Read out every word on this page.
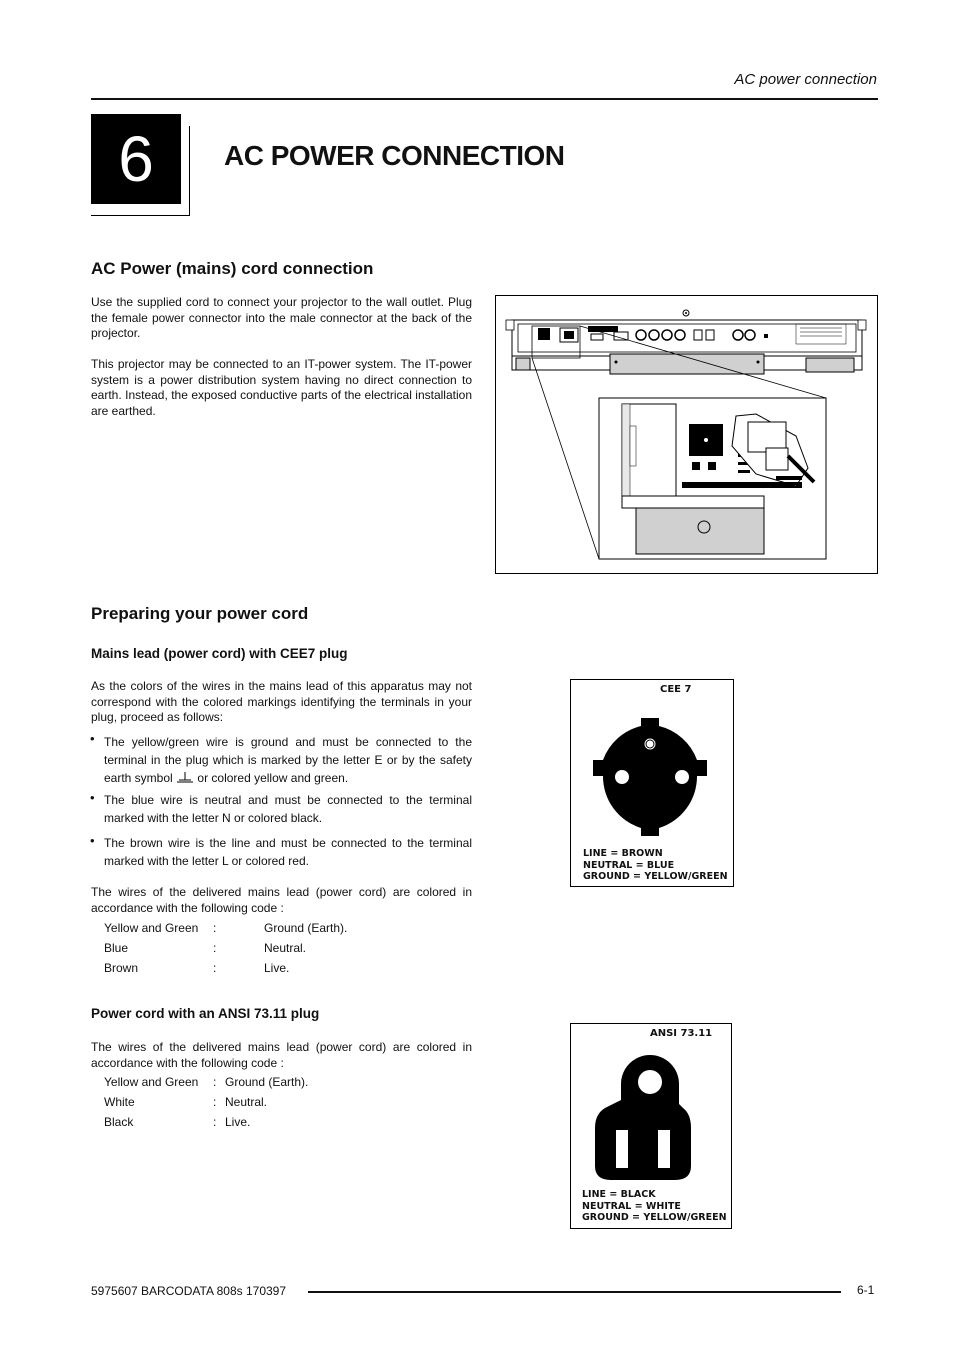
AC power connection
6	AC POWER CONNECTION
AC Power (mains) cord connection
Use the supplied cord to connect your projector to the wall outlet. Plug the female power connector into the male connector at the back of the projector.
This projector may be connected to an IT-power system. The IT-power system is a power distribution system having no direct connection to earth. Instead, the exposed conductive parts of the electrical installation are earthed.
Preparing your power cord
Mains lead (power cord) with CEE7 plug
As the colors of the wires in the mains lead of this apparatus may not correspond with the colored markings identifying the terminals in your plug, proceed as follows:
• The yellow/green wire is ground and must be connected to the terminal in the plug which is marked by the letter E or by the safety earth symbol or colored yellow and green.
• The blue wire is neutral and must be connected to the terminal marked with the letter N or colored black.
• The brown wire is the line and must be connected to the terminal marked with the letter L or colored red.
The wires of the delivered mains lead (power cord) are colored in accordance with the following code :
Yellow and Green :	Ground (Earth).
Blue	:	Neutral.
Brown	:	Live.
CEE 7
LINE = BROWN
NEUTRAL = BLUE
GROUND = YELLOW/GREEN
Power cord with an ANSI 73.11 plug
The wires of the delivered mains lead (power cord) are colored in accordance with the following code :
Yellow and Green : Ground (Earth).
White	: Neutral.
Black	: Live.
ANSI 73.11
LINE = BLACK
NEUTRAL = WHITE
GROUND = YELLOW/GREEN
5975607 BARCODATA 808s 170397	6-1
